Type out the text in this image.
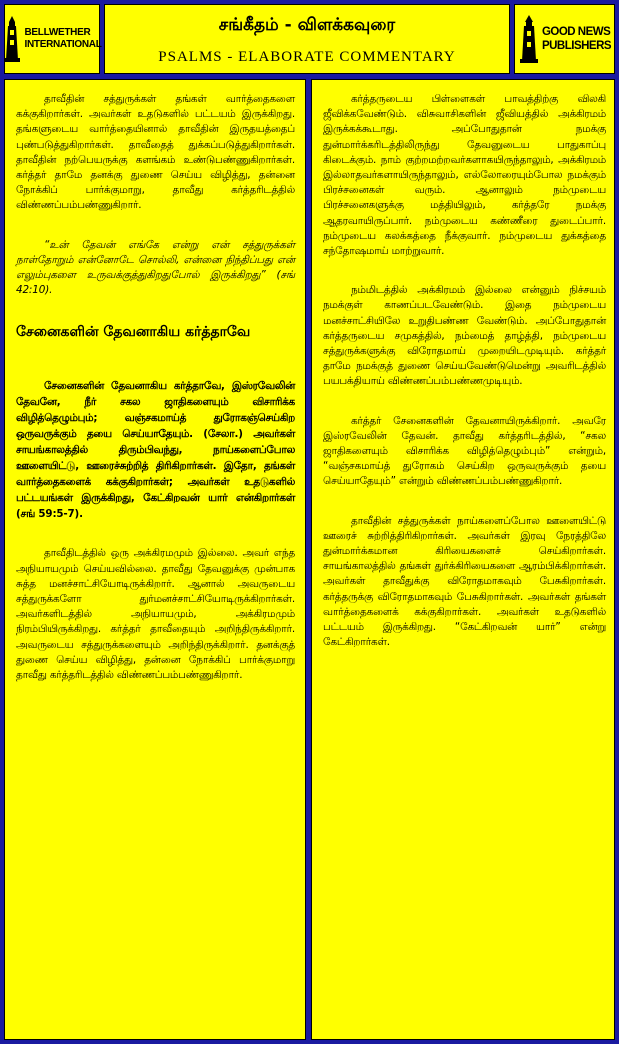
BELLWETHER
INTERNATIONAL
சங்கீதம் - விளக்கவுரை
PSALMS - ELABORATE COMMENTARY
GOOD NEWS
PUBLISHERS

தாவீதின் சத்துருக்கள் தங்கள் வார்த்தைகளை கக்குகிறார்கள். அவர்கள் உதடுகளில் பட்டயம் இருக்கிறது. தங்களுடைய வார்த்தையினால் தாவீதின் இருதயத்தைப் புண்படுத்துகிறார்கள். தாவீதைத் துக்கப்படுத்துகிறார்கள். தாவீதின் நற்பெயருக்கு களங்கம் உண்டுபண்ணுகிறார்கள். கர்த்தர் தாமே தனக்கு துணை செய்ய விழித்து, தன்னை நோக்கிப் பார்க்குமாறு, தாவீது கர்த்தரிடத்தில் விண்ணப்பம்பண்ணுகிறார்.

“உன் தேவன் எங்கே என்று என் சத்துருக்கள் நாள்தோறும் என்னோடே சொல்லி, என்னை நிந்திப்பது என் எலும்புகளை உருவக்குத்துகிறதுபோல் இருக்கிறது” (சங் 42:10).

சேனைகளின் தேவனாகிய கர்த்தாவே

சேனைகளின் தேவனாகிய கர்த்தாவே, இஸ்ரவேலின் தேவனே, நீர் சகல ஜாதிகளையும் விசாரிக்க விழித்தெழும்பும்; வஞ்சகமாய்த் துரோகஞ்செய்கிற ஒருவருக்கும் தயை செய்யாதேயும். (சேலா.) அவர்கள் சாயங்காலத்தில் திரும்பிவந்து, நாய்களைப்போல ஊளையிட்டு, ஊரைச்சுற்றித் திரிகிறார்கள். இதோ, தங்கள் வார்த்தைகளைக் கக்குகிறார்கள்; அவர்கள் உதடுகளில் பட்டயங்கள் இருக்கிறது, கேட்கிறவன் யார் என்கிறார்கள் (சங் 59:5-7).

தாவீதிடத்தில் ஒரு அக்கிரமமும் இல்லை. அவர் எந்த அநியாயமும் செய்யவில்லை. தாவீது தேவனுக்கு முன்பாக சுத்த மனச்சாட்சியோடிருக்கிறார். ஆனால் அவருடைய சத்துருக்களோ துர்மனச்சாட்சியோடிருக்கிறார்கள். அவர்களிடத்தில் அநியாயமும், அக்கிரமமும் நிரம்பியிருக்கிறது. கர்த்தர் தாவீதையும் அறிந்திருக்கிறார். அவருடைய சத்துருக்களையும் அறிந்திருக்கிறார். தனக்குத் துணை செய்ய விழித்து, தன்னை நோக்கிப் பார்க்குமாறு தாவீது கர்த்தரிடத்தில் விண்ணப்பம்பண்ணுகிறார்.

கர்த்தருடைய பிள்ளைகள் பாவத்திற்கு விலகி ஜீவிக்கவேண்டும். விசுவாசிகளின் ஜீவியத்தில் அக்கிரமம் இருக்கக்கூடாது. அப்போதுதான் நமக்கு துன்மார்க்கரிடத்திலிருந்து தேவனுடைய பாதுகாப்பு கிடைக்கும். நாம் குற்றமற்றவர்களாகயிருந்தாலும், அக்கிரமம் இல்லாதவர்களாயிருந்தாலும், எல்லோரையும்போல நமக்கும் பிரச்சனைகள் வரும். ஆனாலும் நம்முடைய பிரச்சனைகளுக்கு மத்தியிலும், கர்த்தரே நமக்கு ஆதரவாயிருப்பார். நம்முடைய கண்ணீரை துடைப்பார். நம்முடைய கலக்கத்தை நீக்குவார். நம்முடைய துக்கத்தை சந்தோஷமாய் மாற்றுவார்.

நம்மிடத்தில் அக்கிரமம் இல்லை என்னும் நிச்சயம் நமக்குள் காணப்படவேண்டும். இதை நம்முடைய மனச்சாட்சியிலே உறுதிபண்ண வேண்டும். அப்போதுதான் கர்த்தருடைய சமுகத்தில், நம்மைத் தாழ்த்தி, நம்முடைய சத்துருக்களுக்கு விரோதமாய் முறையிடமுடியும். கர்த்தர் தாமே நமக்குத் துணை செய்யவேண்டுமென்று அவரிடத்தில் பயபக்தியாய் விண்ணப்பம்பண்ணமுடியும்.

கர்த்தர் சேனைகளின் தேவனாயிருக்கிறார். அவரே இஸ்ரவேலின் தேவன். தாவீது கர்த்தரிடத்தில், “சகல ஜாதிகளையும் விசாரிக்க விழித்தெழும்பும்” என்றும், “வஞ்சகமாய்த் துரோகம் செய்கிற ஒருவருக்கும் தயை செய்யாதேயும்” என்றும் விண்ணப்பம்பண்ணுகிறார்.

தாவீதின் சத்துருக்கள் நாய்களைப்போல ஊளையிட்டு ஊரைச் சுற்றித்திரிகிறார்கள். அவர்கள் இரவு நேரத்திலே துன்மார்க்கமான கிரியைகளைச் செய்கிறார்கள். சாயங்காலத்தில் தங்கள் துர்க்கிரியைகளை ஆரம்பிக்கிறார்கள். அவர்கள் தாவீதுக்கு விரோதமாகவும் பேசுகிறார்கள். கர்த்தருக்கு விரோதமாகவும் பேசுகிறார்கள். அவர்கள் தங்கள் வார்த்தைகளைக் கக்குகிறார்கள். அவர்கள் உதடுகளில் பட்டயம் இருக்கிறது. “கேட்கிறவன் யார்” என்று கேட்கிறார்கள்.
